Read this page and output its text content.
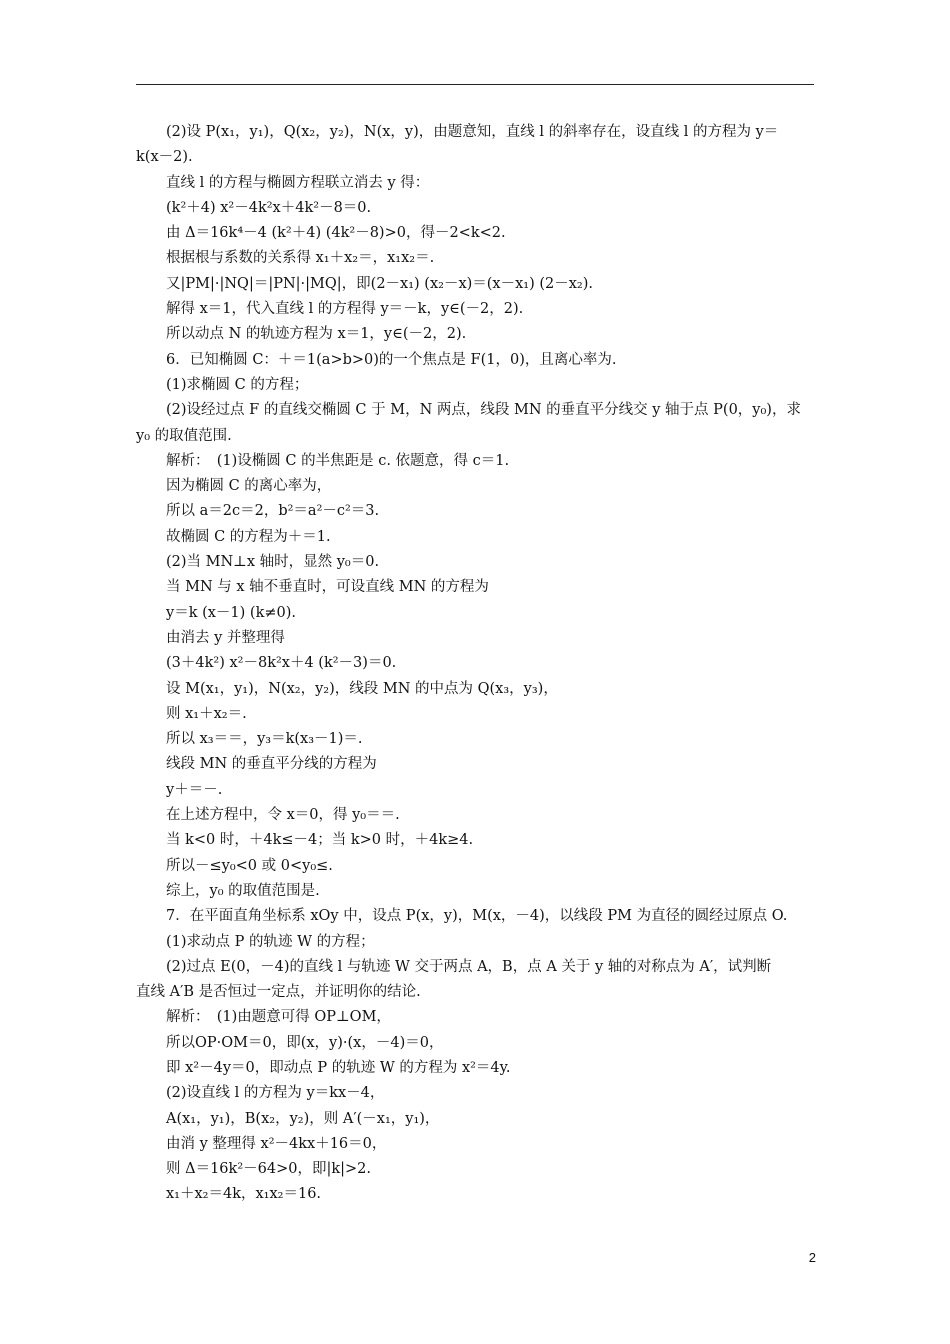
(2)设 P(x₁，y₁)，Q(x₂，y₂)，N(x，y)，由题意知，直线 l 的斜率存在，设直线 l 的方程为 y＝
k(x－2).
直线 l 的方程与椭圆方程联立消去 y 得：
(k²＋4) x²－4k²x＋4k²－8＝0.
由 Δ＝16k⁴－4 (k²＋4) (4k²－8)>0，得－2<k<2.
根据根与系数的关系得 x₁＋x₂＝，x₁x₂＝.
又|PM|·|NQ|＝|PN|·|MQ|，即(2－x₁) (x₂－x)＝(x－x₁) (2－x₂).
解得 x＝1，代入直线 l 的方程得 y＝－k，y∈(－2，2).
所以动点 N 的轨迹方程为 x＝1，y∈(－2，2).
6．已知椭圆 C：＋＝1(a>b>0)的一个焦点是 F(1，0)，且离心率为.
(1)求椭圆 C 的方程；
(2)设经过点 F 的直线交椭圆 C 于 M，N 两点，线段 MN 的垂直平分线交 y 轴于点 P(0，y₀)，求
y₀ 的取值范围.
解析：　(1)设椭圆 C 的半焦距是 c. 依题意，得 c＝1.
因为椭圆 C 的离心率为，
所以 a＝2c＝2，b²＝a²－c²＝3.
故椭圆 C 的方程为＋＝1.
(2)当 MN⊥x 轴时，显然 y₀＝0.
当 MN 与 x 轴不垂直时，可设直线 MN 的方程为
y＝k (x－1) (k≠0).
由消去 y 并整理得
(3＋4k²) x²－8k²x＋4 (k²－3)＝0.
设 M(x₁，y₁)，N(x₂，y₂)，线段 MN 的中点为 Q(x₃，y₃)，
则 x₁＋x₂＝.
所以 x₃＝＝，y₃＝k(x₃－1)＝.
线段 MN 的垂直平分线的方程为
y＋＝－.
在上述方程中，令 x＝0，得 y₀＝＝.
当 k<0 时，＋4k≤－4；当 k>0 时，＋4k≥4.
所以－≤y₀<0 或 0<y₀≤.
综上，y₀ 的取值范围是.
7．在平面直角坐标系 xOy 中，设点 P(x，y)，M(x，－4)，以线段 PM 为直径的圆经过原点 O.
(1)求动点 P 的轨迹 W 的方程；
(2)过点 E(0，－4)的直线 l 与轨迹 W 交于两点 A，B，点 A 关于 y 轴的对称点为 A′，试判断
直线 A′B 是否恒过一定点，并证明你的结论.
解析：　(1)由题意可得 OP⊥OM，
所以OP·OM＝0，即(x，y)·(x，－4)＝0，
即 x²－4y＝0，即动点 P 的轨迹 W 的方程为 x²＝4y.
(2)设直线 l 的方程为 y＝kx－4，
A(x₁，y₁)，B(x₂，y₂)，则 A′(－x₁，y₁)，
由消 y 整理得 x²－4kx＋16＝0，
则 Δ＝16k²－64>0，即|k|>2.
x₁＋x₂＝4k，x₁x₂＝16.
2
